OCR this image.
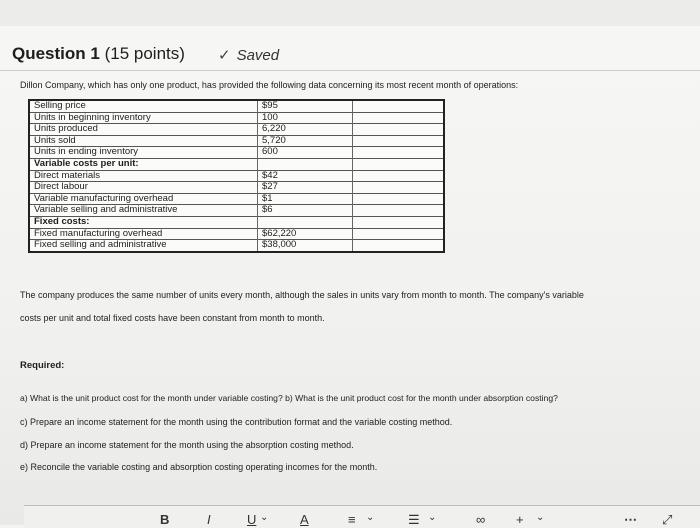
Question 1 (15 points) ✓ Saved
Dillon Company, which has only one product, has provided the following data concerning its most recent month of operations:
Selling price	$95	
Units in beginning inventory	100	
Units produced	6,220	
Units sold	5,720	
Units in ending inventory	600	
Variable costs per unit:		
Direct materials	$42	
Direct labour	$27	
Variable manufacturing overhead	$1	
Variable selling and administrative	$6	
Fixed costs:		
Fixed manufacturing overhead	$62,220	
Fixed selling and administrative	$38,000	

The company produces the same number of units every month, although the sales in units vary from month to month. The company's variable

costs per unit and total fixed costs have been constant from month to month.

Required:

a) What is the unit product cost for the month under variable costing? b) What is the unit product cost for the month under absorption costing?

c) Prepare an income statement for the month using the contribution format and the variable costing method.

d) Prepare an income statement for the month using the absorption costing method.

e) Reconcile the variable costing and absorption costing operating incomes for the month.

B	I	U ⌄ A	≡ ⌄	☰ ⌄	∞ + ⌄	⋯ ⤢
